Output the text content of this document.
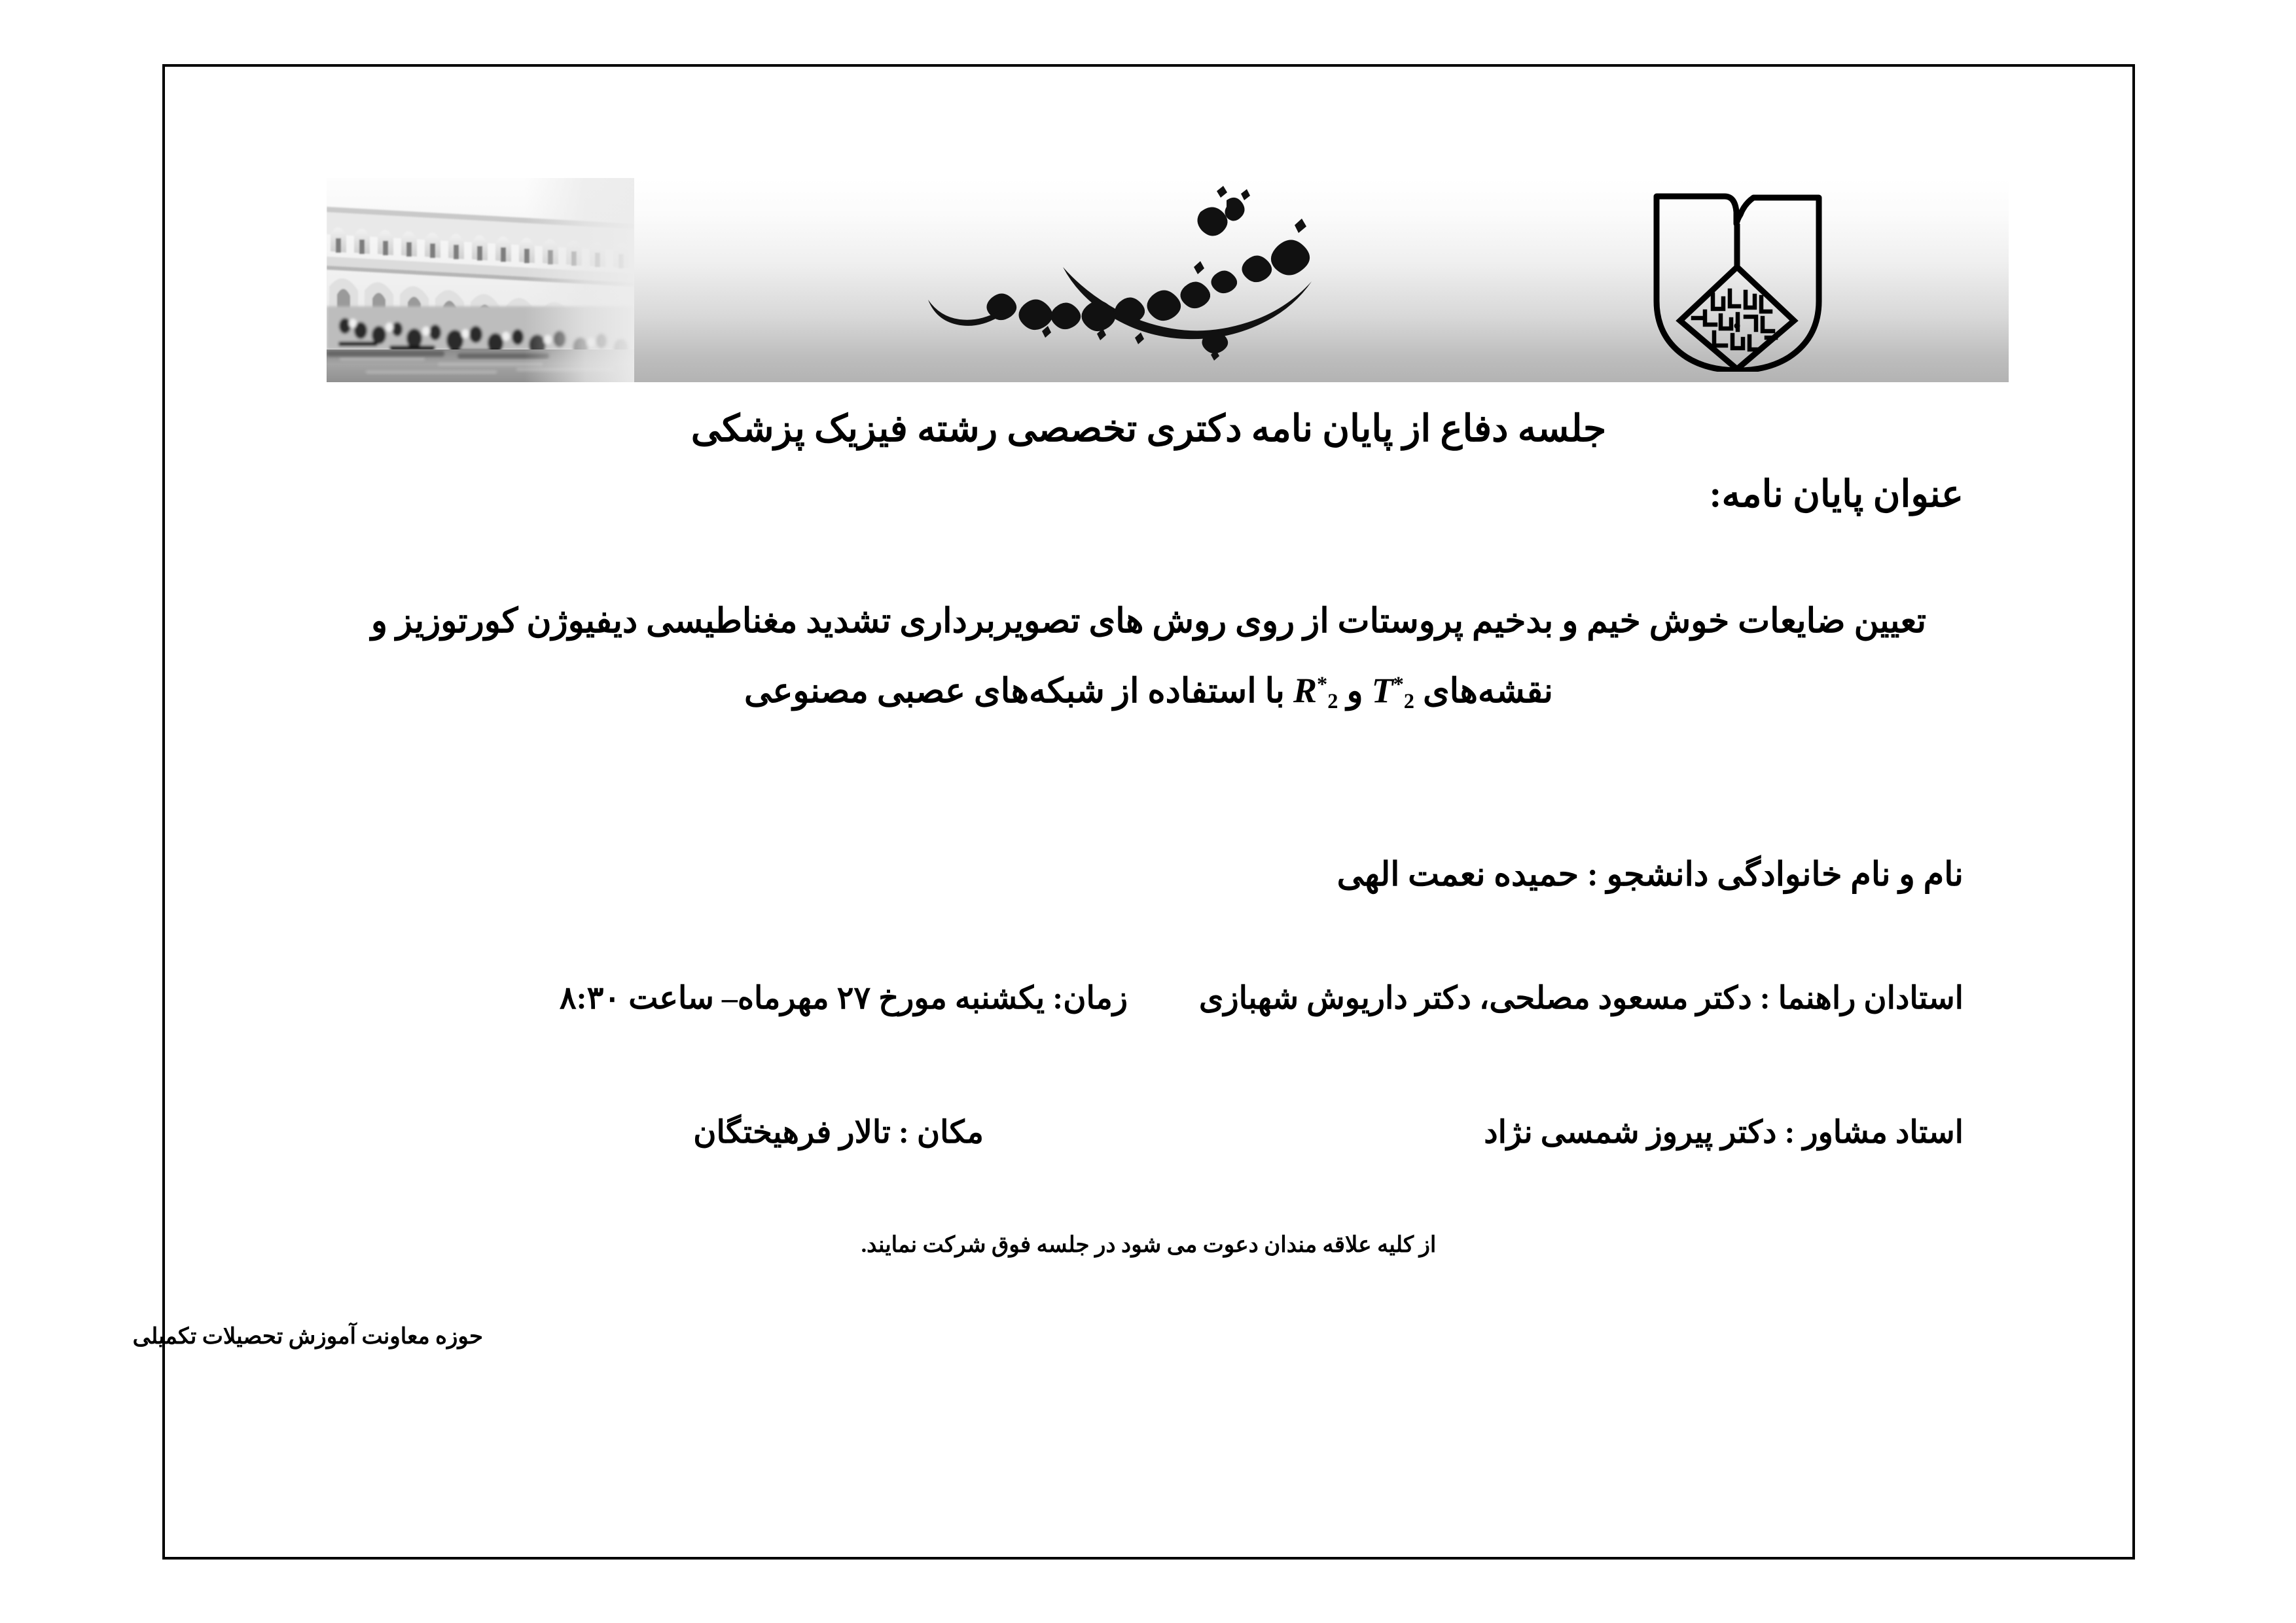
جلسه دفاع از پایان نامه دکتری تخصصی رشته فیزیک پزشکی
عنوان پایان نامه:
تعیین ضایعات خوش خیم و بدخیم پروستات از روی روش های تصویربرداری تشدید مغناطیسی دیفیوژن کورتوزیز و
نقشه‌های $T^*_2$ و $R^*_2$ با استفاده از شبکه‌های عصبی مصنوعی
نام و نام خانوادگی دانشجو : حمیده نعمت الهی
استادان راهنما : دکتر مسعود مصلحی، دکتر داریوش شهبازی
زمان: یکشنبه مورخ ۲۷ مهرماه– ساعت ۸:۳۰
استاد مشاور : دکتر پیروز شمسی نژاد
مکان : تالار فرهیختگان
از کلیه علاقه مندان دعوت می شود در جلسه فوق شرکت نمایند.
حوزه معاونت آموزش تحصیلات تکمیلی
